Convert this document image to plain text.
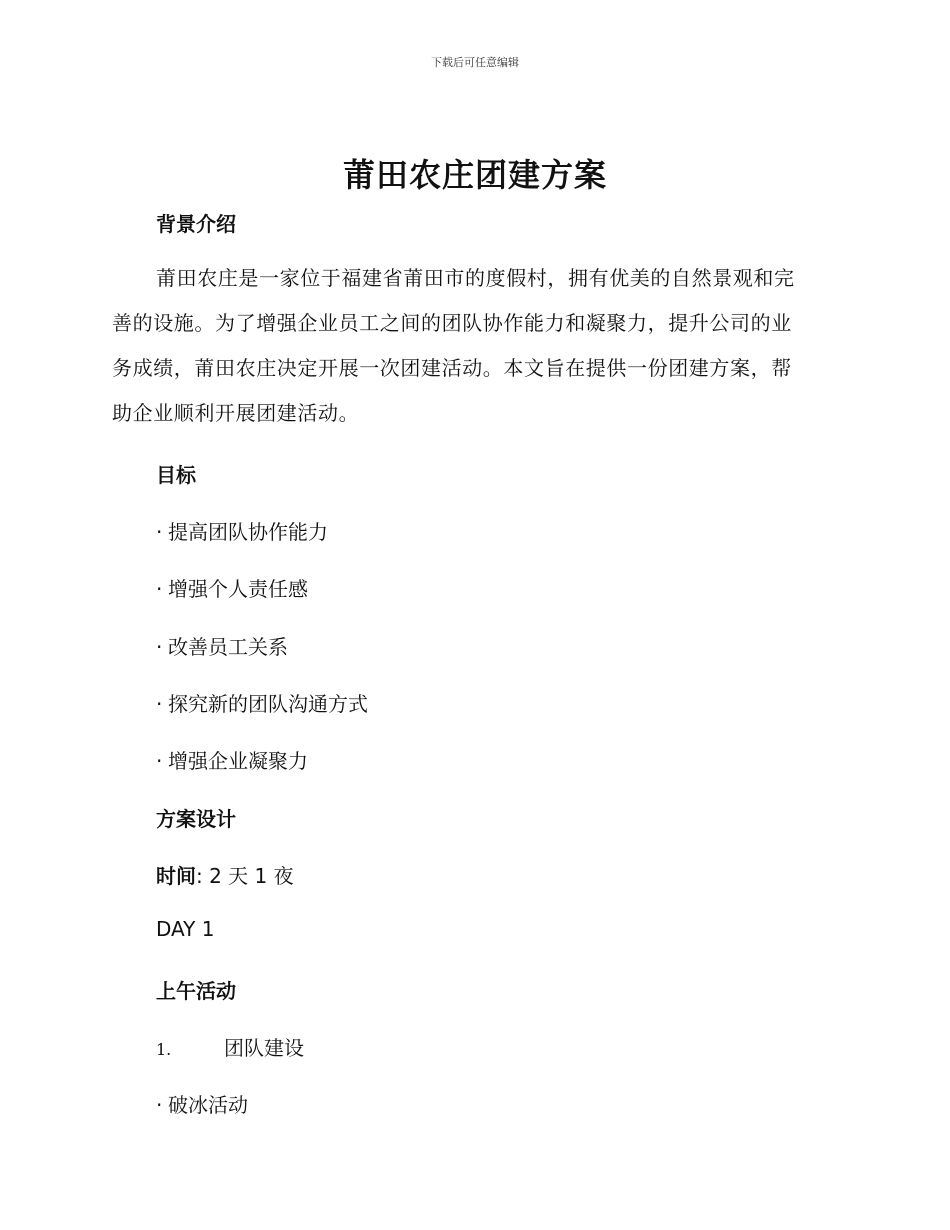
下载后可任意编辑
莆田农庄团建方案
背景介绍
莆田农庄是一家位于福建省莆田市的度假村，拥有优美的自然景观和完
善的设施。为了增强企业员工之间的团队协作能力和凝聚力，提升公司的业
务成绩，莆田农庄决定开展一次团建活动。本文旨在提供一份团建方案，帮
助企业顺利开展团建活动。
目标
· 提高团队协作能力
· 增强个人责任感
· 改善员工关系
· 探究新的团队沟通方式
· 增强企业凝聚力
方案设计
时间: 2 天 1 夜
DAY 1
上午活动
1.	团队建设
· 破冰活动
